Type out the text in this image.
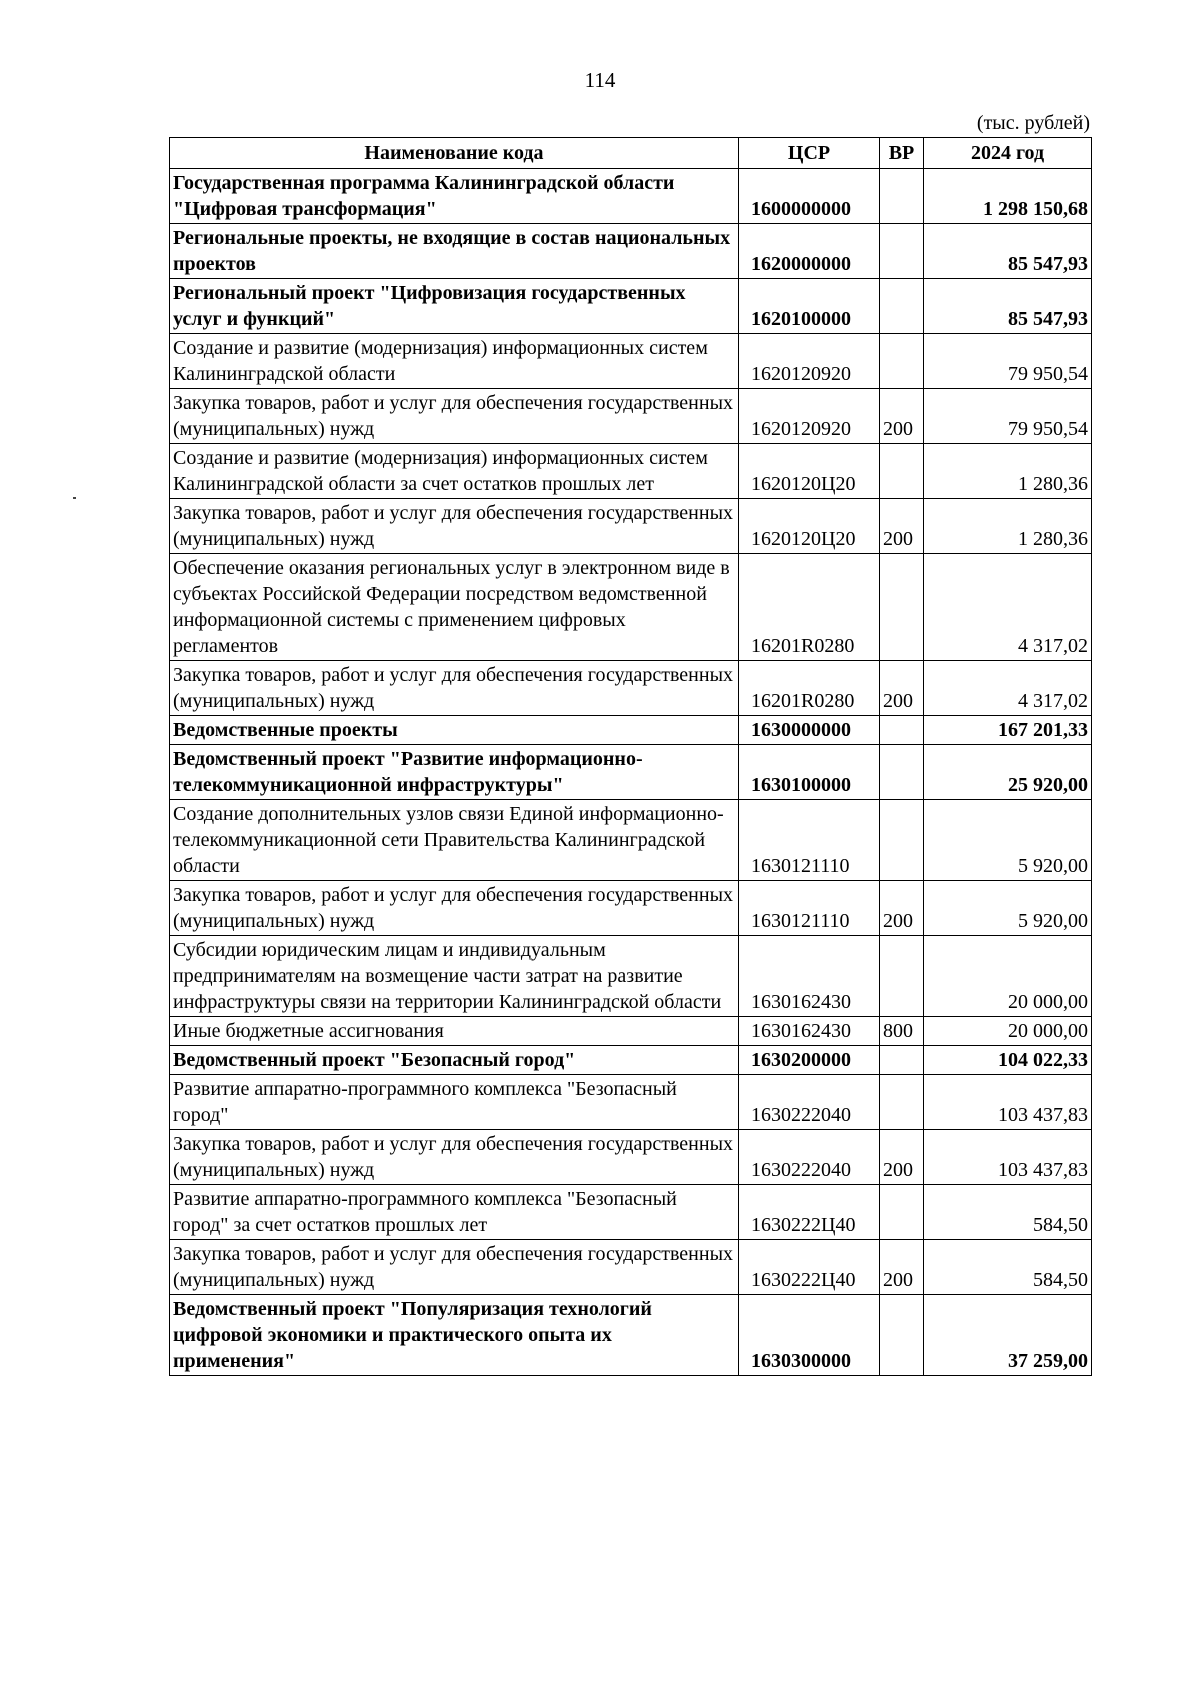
114
(тыс. рублей)
Наименование кода	ЦСР	ВР	2024 год
Государственная программа Калининградской области "Цифровая трансформация"	1600000000		1 298 150,68
Региональные проекты, не входящие в состав национальных проектов	1620000000		85 547,93
Региональный проект "Цифровизация государственных услуг и функций"	1620100000		85 547,93
Создание и развитие (модернизация) информационных систем Калининградской области	1620120920		79 950,54
Закупка товаров, работ и услуг для обеспечения государственных (муниципальных) нужд	1620120920	200	79 950,54
Создание и развитие (модернизация) информационных систем Калининградской области за счет остатков прошлых лет	1620120Ц20		1 280,36
Закупка товаров, работ и услуг для обеспечения государственных (муниципальных) нужд	1620120Ц20	200	1 280,36
Обеспечение оказания региональных услуг в электронном виде в субъектах Российской Федерации посредством ведомственной информационной системы с применением цифровых регламентов	16201R0280		4 317,02
Закупка товаров, работ и услуг для обеспечения государственных (муниципальных) нужд	16201R0280	200	4 317,02
Ведомственные проекты	1630000000		167 201,33
Ведомственный проект "Развитие информационно-телекоммуникационной инфраструктуры"	1630100000		25 920,00
Создание дополнительных узлов связи Единой информационно-телекоммуникационной сети Правительства Калининградской области	1630121110		5 920,00
Закупка товаров, работ и услуг для обеспечения государственных (муниципальных) нужд	1630121110	200	5 920,00
Субсидии юридическим лицам и индивидуальным предпринимателям на возмещение части затрат на развитие инфраструктуры связи на территории Калининградской области	1630162430		20 000,00
Иные бюджетные ассигнования	1630162430	800	20 000,00
Ведомственный проект "Безопасный город"	1630200000		104 022,33
Развитие аппаратно-программного комплекса "Безопасный город"	1630222040		103 437,83
Закупка товаров, работ и услуг для обеспечения государственных (муниципальных) нужд	1630222040	200	103 437,83
Развитие аппаратно-программного комплекса "Безопасный город" за счет остатков прошлых лет	1630222Ц40		584,50
Закупка товаров, работ и услуг для обеспечения государственных (муниципальных) нужд	1630222Ц40	200	584,50
Ведомственный проект "Популяризация технологий цифровой экономики и практического опыта их применения"	1630300000		37 259,00
